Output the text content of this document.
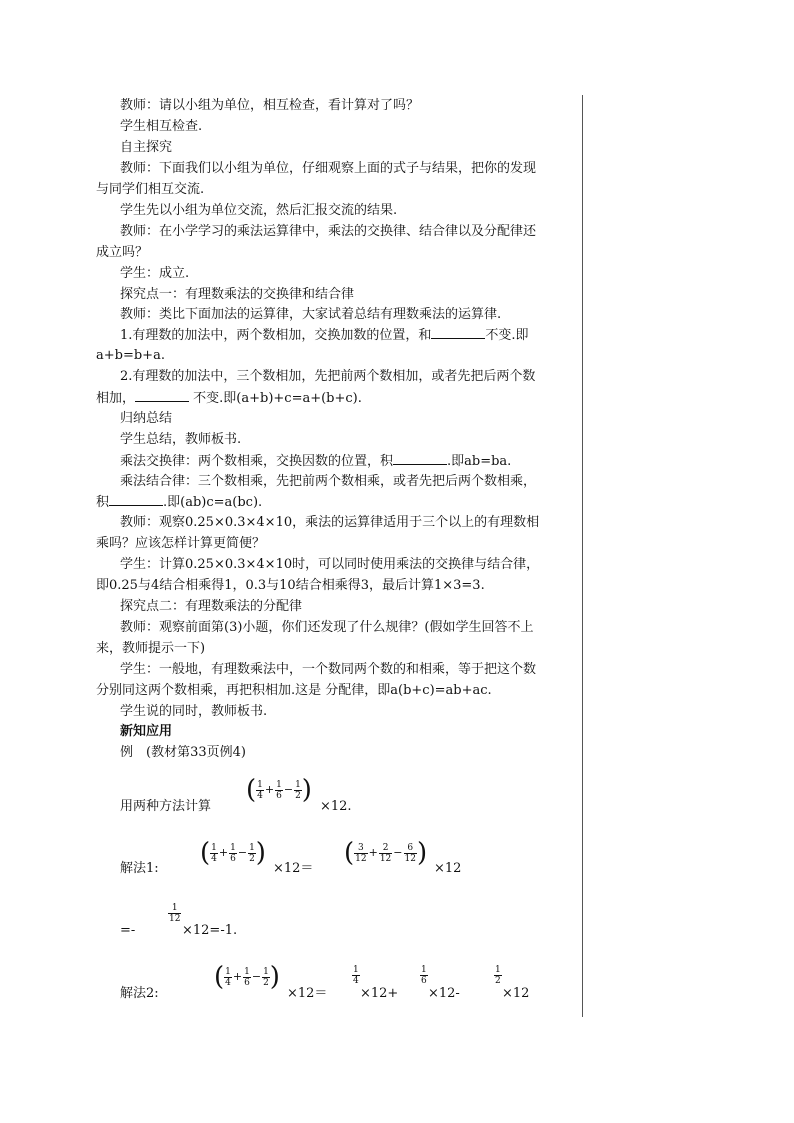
教师：请以小组为单位，相互检查，看计算对了吗？
学生相互检查.
自主探究
教师：下面我们以小组为单位，仔细观察上面的式子与结果，把你的发现
与同学们相互交流.
学生先以小组为单位交流，然后汇报交流的结果.
教师：在小学学习的乘法运算律中，乘法的交换律、结合律以及分配律还
成立吗？
学生：成立.
探究点一：有理数乘法的交换律和结合律
教师：类比下面加法的运算律，大家试着总结有理数乘法的运算律.
1.有理数的加法中，两个数相加，交换加数的位置，和	不变.即
a+b=b+a.
2.有理数的加法中，三个数相加，先把前两个数相加，或者先把后两个数
相加，	不变.即(a+b)+c=a+(b+c).
归纳总结
学生总结，教师板书.
乘法交换律：两个数相乘，交换因数的位置，积	.即ab=ba.
乘法结合律：三个数相乘，先把前两个数相乘，或者先把后两个数相乘，
积	.即(ab)c=a(bc).
教师：观察0.25×0.3×4×10，乘法的运算律适用于三个以上的有理数相
乘吗？应该怎样计算更简便？
学生：计算0.25×0.3×4×10时，可以同时使用乘法的交换律与结合律，
即0.25与4结合相乘得1，0.3与10结合相乘得3，最后计算1×3=3.
探究点二：有理数乘法的分配律
教师：观察前面第(3)小题，你们还发现了什么规律？(假如学生回答不上
来，教师提示一下)
学生：一般地，有理数乘法中，一个数同两个数的和相乘，等于把这个数
分别同这两个数相乘，再把积相加.这是 分配律，即a(b+c)=ab+ac.
学生说的同时，教师板书.
新知应用
例　(教材第33页例4)
用两种方法计算
( $\frac{1}{4} + \frac{1}{6} - \frac{1}{2}$ )
×12.
解法1:
( $\frac{1}{4} + \frac{1}{6} - \frac{1}{2}$ )
×12＝
( $\frac{3}{12} + \frac{2}{12} - \frac{6}{12}$ )
×12
=-
$\frac{1}{12}$
×12=-1.
解法2:
( $\frac{1}{4} + \frac{1}{6} - \frac{1}{2}$ )
×12＝
$\frac{1}{4}$
×12+
$\frac{1}{6}$
×12-
$\frac{1}{2}$
×12
